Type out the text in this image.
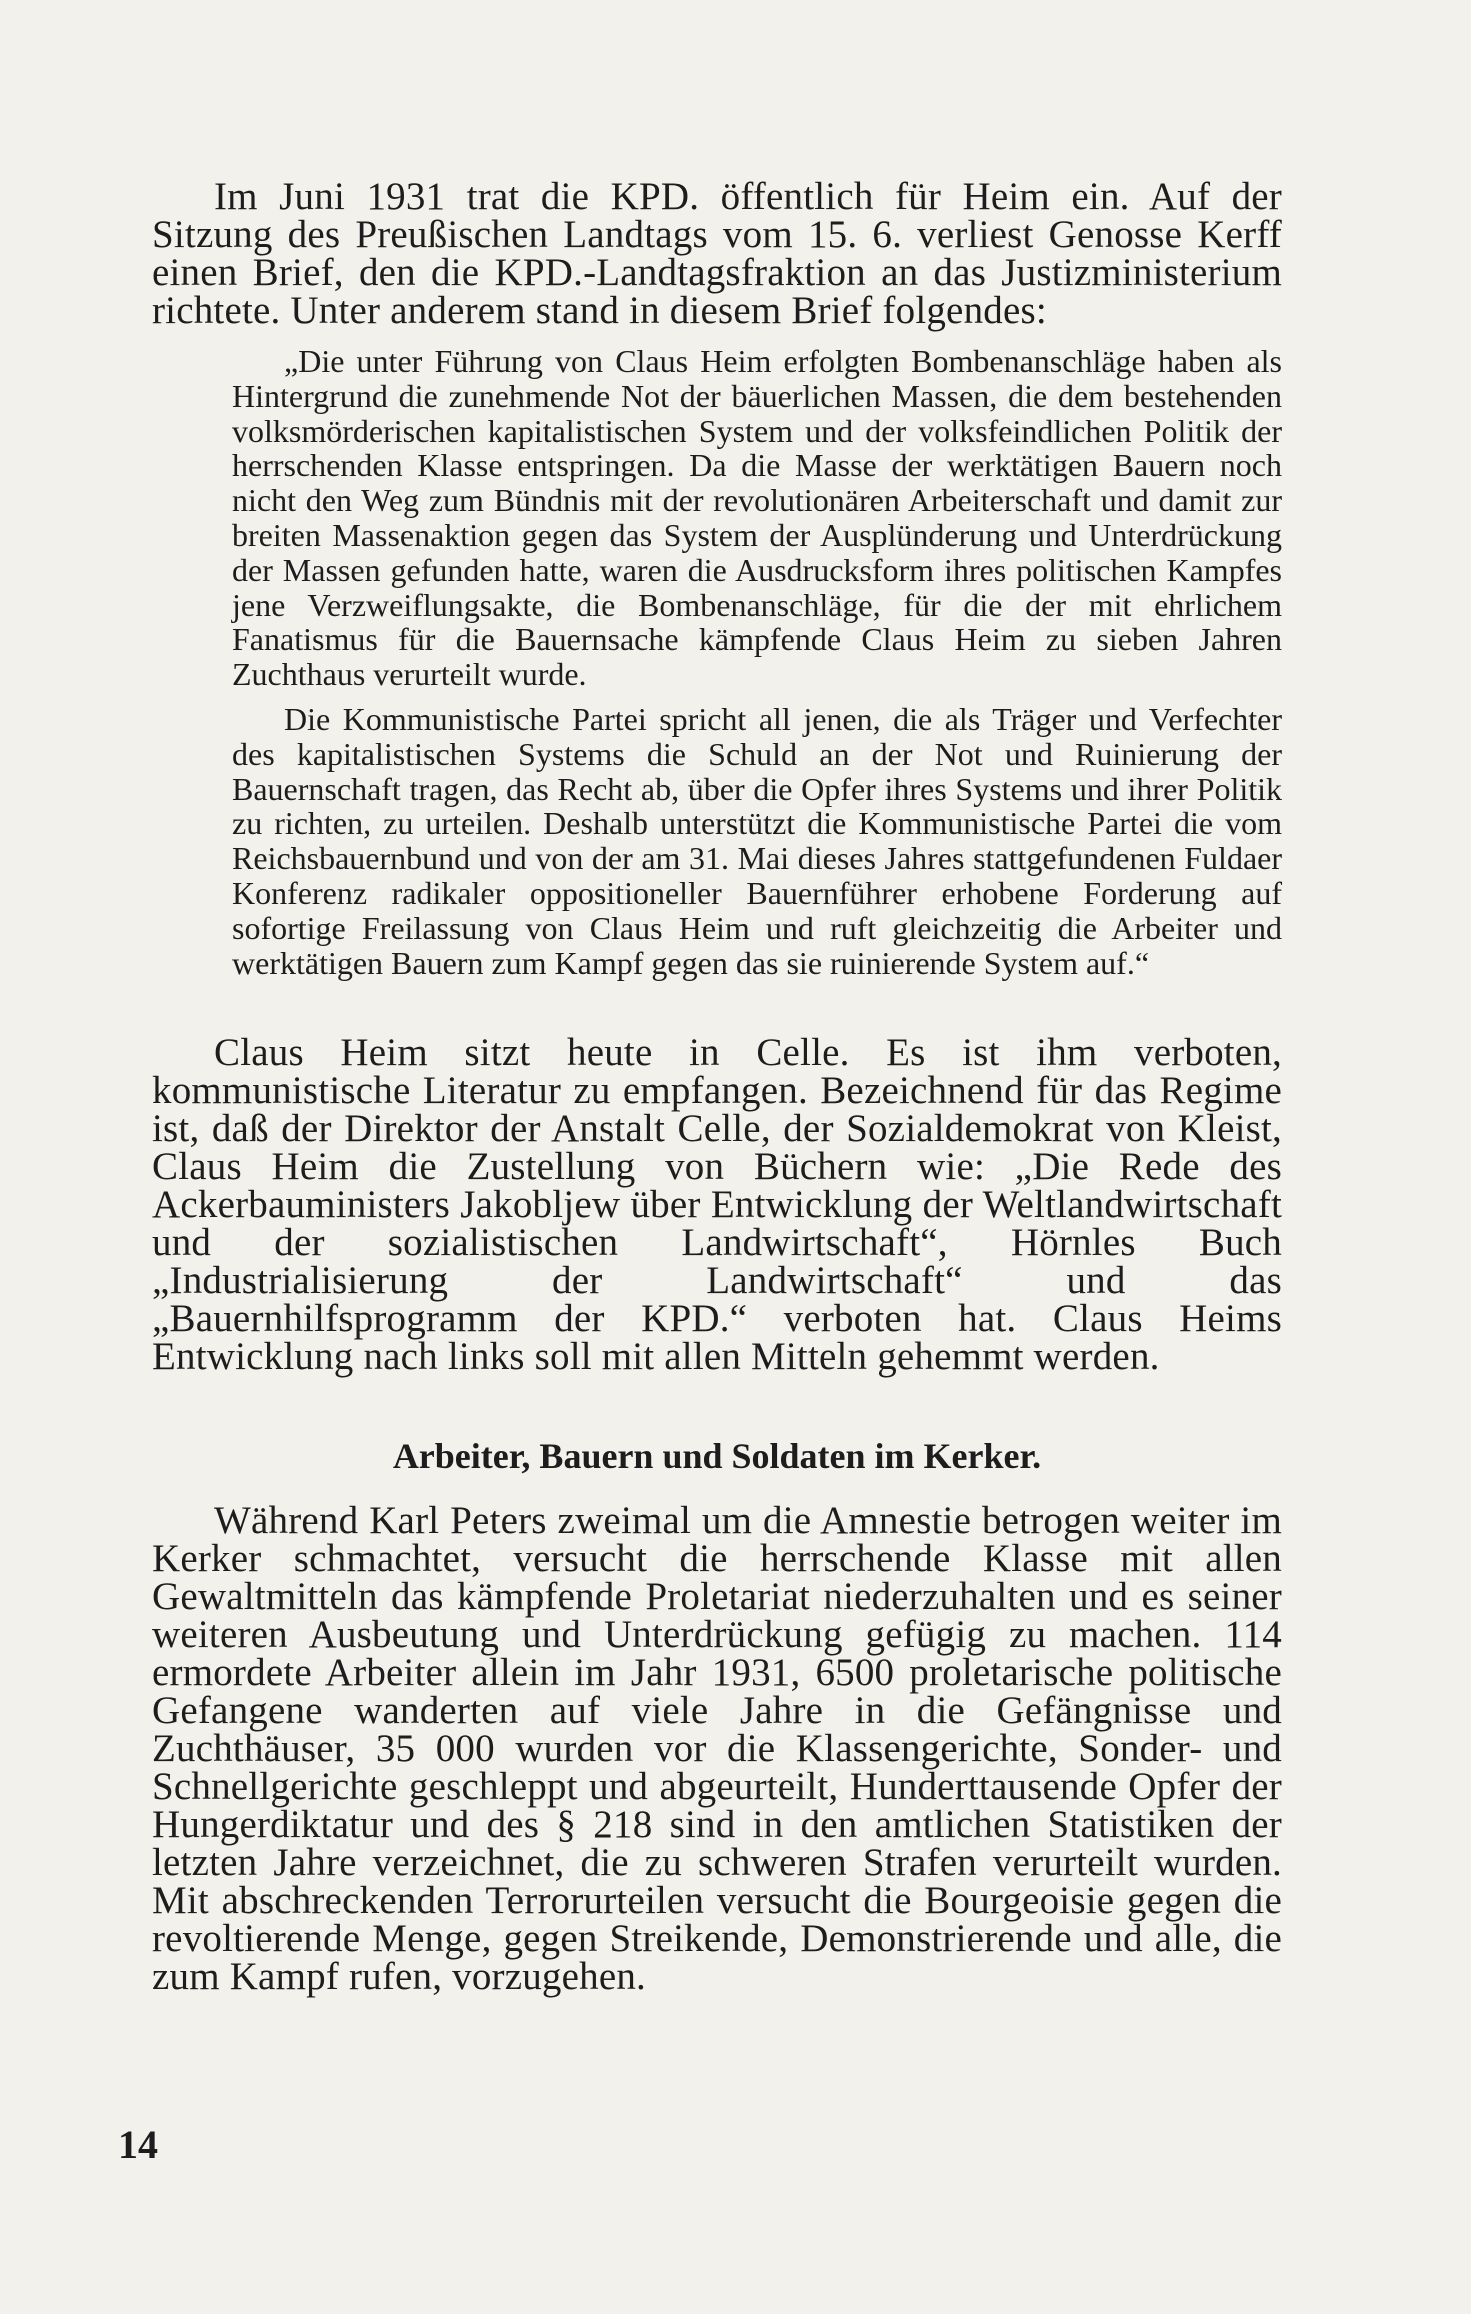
Im Juni 1931 trat die KPD. öffentlich für Heim ein. Auf der Sitzung des Preußischen Landtags vom 15. 6. verliest Genosse Kerff einen Brief, den die KPD.-Landtagsfraktion an das Justizministerium richtete. Unter anderem stand in diesem Brief folgendes:

„Die unter Führung von Claus Heim erfolgten Bombenanschläge haben als Hintergrund die zunehmende Not der bäuerlichen Massen, die dem bestehenden volksmörderischen kapitalistischen System und der volksfeindlichen Politik der herrschenden Klasse entspringen. Da die Masse der werktätigen Bauern noch nicht den Weg zum Bündnis mit der revolutionären Arbeiterschaft und damit zur breiten Massenaktion gegen das System der Ausplünderung und Unterdrückung der Massen gefunden hatte, waren die Ausdrucksform ihres politischen Kampfes jene Verzweiflungsakte, die Bombenanschläge, für die der mit ehrlichem Fanatismus für die Bauernsache kämpfende Claus Heim zu sieben Jahren Zuchthaus verurteilt wurde.

Die Kommunistische Partei spricht all jenen, die als Träger und Verfechter des kapitalistischen Systems die Schuld an der Not und Ruinierung der Bauernschaft tragen, das Recht ab, über die Opfer ihres Systems und ihrer Politik zu richten, zu urteilen. Deshalb unterstützt die Kommunistische Partei die vom Reichsbauernbund und von der am 31. Mai dieses Jahres stattgefundenen Fuldaer Konferenz radikaler oppositioneller Bauernführer erhobene Forderung auf sofortige Freilassung von Claus Heim und ruft gleichzeitig die Arbeiter und werktätigen Bauern zum Kampf gegen das sie ruinierende System auf.“

Claus Heim sitzt heute in Celle. Es ist ihm verboten, kommunistische Literatur zu empfangen. Bezeichnend für das Regime ist, daß der Direktor der Anstalt Celle, der Sozialdemokrat von Kleist, Claus Heim die Zustellung von Büchern wie: „Die Rede des Ackerbauministers Jakobljew über Entwicklung der Weltlandwirtschaft und der sozialistischen Landwirtschaft“, Hörnles Buch „Industrialisierung der Landwirtschaft“ und das „Bauernhilfsprogramm der KPD.“ verboten hat. Claus Heims Entwicklung nach links soll mit allen Mitteln gehemmt werden.

Arbeiter, Bauern und Soldaten im Kerker.

Während Karl Peters zweimal um die Amnestie betrogen weiter im Kerker schmachtet, versucht die herrschende Klasse mit allen Gewaltmitteln das kämpfende Proletariat niederzuhalten und es seiner weiteren Ausbeutung und Unterdrückung gefügig zu machen. 114 ermordete Arbeiter allein im Jahr 1931, 6500 proletarische politische Gefangene wanderten auf viele Jahre in die Gefängnisse und Zuchthäuser, 35 000 wurden vor die Klassengerichte, Sonder- und Schnellgerichte geschleppt und abgeurteilt, Hunderttausende Opfer der Hungerdiktatur und des § 218 sind in den amtlichen Statistiken der letzten Jahre verzeichnet, die zu schweren Strafen verurteilt wurden. Mit abschreckenden Terrorurteilen versucht die Bourgeoisie gegen die revoltierende Menge, gegen Streikende, Demonstrierende und alle, die zum Kampf rufen, vorzugehen.

14
